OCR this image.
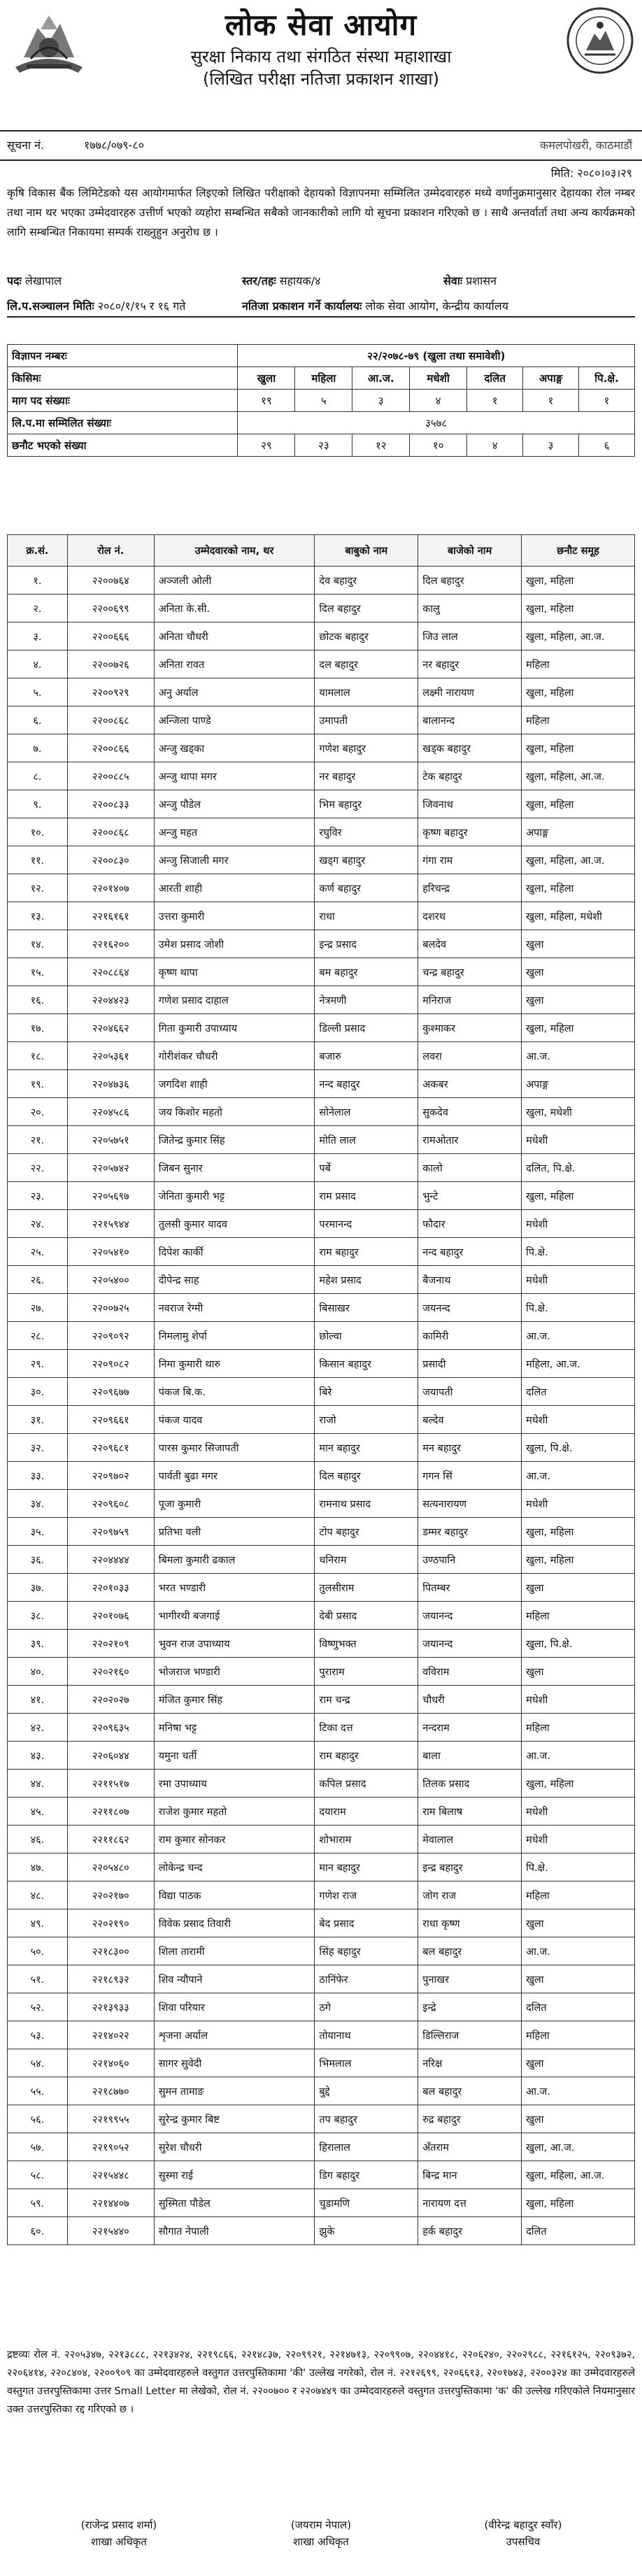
लोक सेवा आयोग
सुरक्षा निकाय तथा संगठित संस्था महाशाखा
(लिखित परीक्षा नतिजा प्रकाशन शाखा)
सूचना नं.	१७७८/०७९-८०	कमलपोखरी, काठमाडौं
मिति: २०८०।०३।२९
कृषि विकास बैंक लिमिटेडको यस आयोगमार्फत लिइएको लिखित परीक्षाको देहायको विज्ञापनमा सम्मिलित उम्मेदवारहरु मध्ये वर्णानुक्रमानुसार देहायका रोल नम्बर तथा नाम थर भएका उम्मेदवारहरु उत्तीर्ण भएको व्यहोरा सम्बन्धित सबैको जानकारीको लागि यो सूचना प्रकाशन गरिएको छ । साथै अन्तर्वार्ता तथा अन्य कार्यक्रमको लागि सम्बन्धित निकायमा सम्पर्क राख्नुहुन अनुरोध छ ।
पदः लेखापाल	स्तर/तहः सहायक/४	सेवाः प्रशासन
लि.प.सञ्चालन मितिः २०८०/१/१५ र १६ गते	नतिजा प्रकाशन गर्ने कार्यालयः लोक सेवा आयोग, केन्द्रीय कार्यालय
विज्ञापन नम्बरः	२२/२०७८-७९ (खुला तथा समावेशी)						
किसिमः	खुला	महिला	आ.ज.	मधेशी	दलित	अपाङ्ग	पि.क्षे.
माग पद संख्याः	१९	५	३	४	१	१	१
लि.प.मा सम्मिलित संख्याः	३५७८						
छनौट भएको संख्या	२९	२३	१२	१०	४	३	६
क्र.सं.	रोल नं.	उम्मेदवारको नाम, थर	बाबुको नाम	बाजेको नाम	छनौट समूह
१.	२२००७६४	अञ्जली ओली	देव बहादुर	दिल बहादुर	खुला, महिला
२.	२२००६९९	अनिता के.सी.	दिल बहादुर	कालु	खुला, महिला
३.	२२००६६६	अनिता चौधरी	छोटक बहादुर	जिउ लाल	खुला, महिला, आ.ज.
४.	२२००७२६	अनिता रावत	दल बहादुर	नर बहादुर	महिला
५.	२२००९२९	अनु अर्याल	यामलाल	लक्ष्मी नारायण	खुला, महिला
६.	२२००८६८	अन्जिला पाण्डे	उमापती	बालानन्द	महिला
७.	२२००८६६	अन्जु खड्का	गणेश बहादुर	खड्क बहादुर	खुला, महिला
८.	२२००८८५	अन्जु थापा मगर	नर बहादुर	टेक बहादुर	खुला, महिला, आ.ज.
९.	२२००८३३	अन्जु पौडेल	भिम बहादुर	जिवनाथ	खुला, महिला
१०.	२२००८६८	अन्जु महत	रघुविर	कृष्ण बहादुर	अपाङ्ग
११.	२२००८३०	अन्जु सिजाली मगर	खड्ग बहादुर	गंगा राम	खुला, महिला, आ.ज.
१२.	२२०१४०७	आरती शाही	कर्ण बहादुर	हरिचन्द्र	खुला, महिला
१३.	२२१६१६१	उत्तरा कुमारी	राधा	दशरथ	खुला, महिला, मधेशी
१४.	२२१६२००	उमेश प्रसाद जोशी	इन्द्र प्रसाद	बलदेव	खुला
१५.	२२०८८६४	कृष्ण थापा	बम बहादुर	चन्द्र बहादुर	खुला
१६.	२२०४४२३	गणेश प्रसाद दाहाल	नेत्रमणी	मनिराज	खुला
१७.	२२०४६६२	गिता कुमारी उपाध्याय	डिल्ली प्रसाद	कुश्माकर	खुला, महिला
१८.	२२०५३६१	गोरीशंकर चौधरी	बजारु	लवरा	आ.ज.
१९.	२२०४७३६	जगदिश शाही	नन्द बहादुर	अकबर	अपाङ्ग
२०.	२२०४५८६	जय किशोर महतो	सोनेलाल	सुकदेव	खुला, मधेशी
२१.	२२०५७५१	जितेन्द्र कुमार सिंह	मोति लाल	रामओतार	मधेशी
२२.	२२०५७४२	जिबन सुनार	पर्बे	कालो	दलित, पि.क्षे.
२३.	२२०५६९७	जेनिता कुमारी भट्ट	राम प्रसाद	भुन्टे	खुला, महिला
२४.	२२१५९४४	तुलसी कुमार यादव	परमानन्द	फौदार	मधेशी
२५.	२२०५४१०	दिपेश कार्की	राम बहादुर	नन्द बहादुर	पि.क्षे.
२६.	२२०५४००	दीपेन्द्र साह	महेश प्रसाद	बैजनाथ	मधेशी
२७.	२२००७२५	नवराज रेग्मी	बिसाखर	जयनन्द	पि.क्षे.
२८.	२२०९०९२	निमलामु शेर्पा	छोल्वा	कामिरी	आ.ज.
२९.	२२०९०८२	निमा कुमारी थारु	किसान बहादुर	प्रसादी	महिला, आ.ज.
३०.	२२०९६७७	पंकज बि.क.	बिरे	जयापती	दलित
३१.	२२०९६६१	पंकज यादव	राजो	बल्देव	मधेशी
३२.	२२०९६८१	पारस कुमार सिजापती	मान बहादुर	मन बहादुर	खुला, पि.क्षे.
३३.	२२०९७०२	पार्वती बुढा मगर	दिल बहादुर	गगन सिं	आ.ज.
३४.	२२०९६०८	पूजा कुमारी	रामनाथ प्रसाद	सत्यनारायण	मधेशी
३५.	२२०९७५९	प्रतिभा वली	टोप बहादुर	डम्मर बहादुर	खुला, महिला
३६.	२२०४४४४	बिमला कुमारी ढकाल	धनिराम	उण्ठपानि	खुला, महिला
३७.	२२०१०३३	भरत भण्डारी	तुलसीराम	पितम्बर	खुला
३८.	२२०१०७६	भागीरथी बजगाई	देबी प्रसाद	जयानन्द	महिला
३९.	२२०२१०९	भुवन राज उपाध्याय	विष्णुभक्त	जयानन्द	खुला, पि.क्षे.
४०.	२२०२१६०	भोजराज भण्डारी	पुराराम	वविराम	खुला
४१.	२२०२०२७	मंजित कुमार सिंह	राम चन्द्र	चौधरी	मधेशी
४२.	२२०९६३५	मनिषा भट्ट	टिका दत्त	नन्दराम	महिला
४३.	२२०६०४४	यमुना चर्ती	राम बहादुर	बाला	आ.ज.
४४.	२२११५१७	रमा उपाध्याय	कपिल प्रसाद	तिलक प्रसाद	खुला, महिला
४५.	२२११८०७	राजेश कुमार महतो	दयाराम	राम बिलाष	मधेशी
४६.	२२११८६२	राम कुमार सोनकर	शोभाराम	मेवालाल	मधेशी
४७.	२२०५४८०	लोकेन्द्र चन्द	मान बहादुर	इन्द्र बहादुर	पि.क्षे.
४८.	२२०२१७०	विद्या पाठक	गणेश राज	जोग राज	महिला
४९.	२२०२१९०	विवेक प्रसाद तिवारी	बेद प्रसाद	राधा कृष्ण	खुला
५०.	२२१८३००	शिला तारामी	सिंह बहादुर	बल बहादुर	आ.ज.
५१.	२२१८९३२	शिव न्यौपाने	ठानिंफेर	पुनाखर	खुला
५२.	२२१३९३३	शिवा परियार	ठगे	इन्द्रे	दलित
५३.	२२१४०२२	शृजना अर्याल	तोयानाथ	डिल्लिराज	महिला
५४.	२२१४०६०	सागर सुवेदी	भिमलाल	नरिक्ष	खुला
५५.	२२१८७७०	सुमन तामाङ	बुद्दे	बल बहादुर	आ.ज.
५६.	२२१९९५५	सुरेन्द्र कुमार बिष्ट	तप बहादुर	रुद्र बहादुर	खुला
५७.	२२१९०५२	सुरेश चौधरी	हिरालाल	अँतराम	खुला, आ.ज.
५८.	२२१५४४८	सुस्मा राई	डिग बहादुर	बिन्द्र मान	खुला, महिला, आ.ज.
५९.	२२१४४०७	सुस्मिता पौडेल	चुडामणि	नारायण दत्त	खुला, महिला
६०.	२२१५४४०	सौगात नेपाली	झुके	हर्क बहादुर	दलित
द्रष्टव्यः रोल नं. २२०५३४७, २२१३८८८, २२१३४२४, २२१९८६६, २२१४८३७, २२०९९२१, २२१४७१३, २२०९९०७, २२०४४१८, २२०६२४०, २२०२९८८, २२१६१२५, २२०९३७२, २२०६४१४, २२०८४०४, २२००९०९ का उम्मेदवारहरुले वस्तुगत उत्तरपुस्तिकामा 'की' उल्लेख नगरेको, रोल नं. २२१२६९९, २२०६६१३, २२०१७४३, २२००३२४ का उम्मेदवारहरुले वस्तुगत उत्तरपुस्तिकामा उत्तर Small Letter मा लेखेको, रोल नं. २२००७०० र २२०७४४९ का उम्मेदवारहरुले वस्तुगत उत्तरपुस्तिकामा 'क' की उल्लेख गरिएकोले नियमानुसार उक्त उत्तरपुस्तिका रद्द गरिएको छ ।
(राजेन्द्र प्रसाद शर्मा)
शाखा अधिकृत
(जयराम नेपाल)
शाखा अधिकृत
(वीरेन्द्र बहादुर स्वाँर)
उपसचिव
